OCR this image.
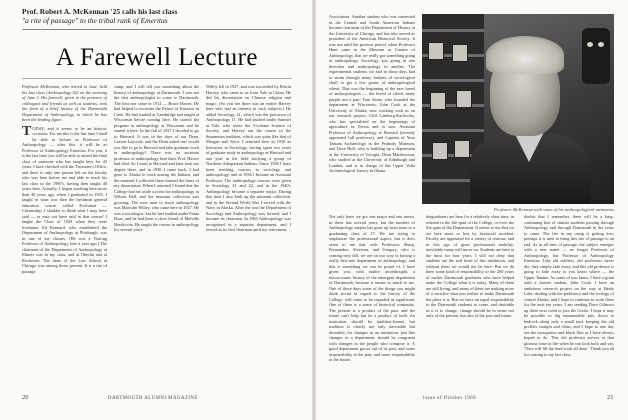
Prof. Robert A. McKennan '25 calls his last class
"a rite of passage" to the tribal rank of Emeritus
A Farewell Lecture

Professor McKennan, who retired in June, held his last class (Anthropology 62) on the morning of June 3. His farewell, given in the presence of colleagues and friends as well as students, took the form of a brief history of the Dartmouth Department of Anthropology, in which he has been the leading figure.

TODAY, and it seems to be an historic occasion. For me this is the last time I shall be able to lecture as Professor of Anthropology — after this, it will be as Professor of Anthropology Emeritus. For you, it is the last time you will be able to attend the final class of someone who has taught here for 43 years. I have checked with the Treasurer's Office, and there is only one person left on the faculty who was here before me and able to teach his last class in the 1990's, having then taught 40 years here. Actually, I began teaching here more than 40 years ago, when I graduated in 1925. I taught in what was then the freshman general education course called Evolution — Citizenship. I shudder to think what I may have said — or may not have said in that course! I taught the Class of 1929 when they were freshmen. Ed Kennard, who established the Department of Anthropology at Pittsburgh, was in one of my classes. (He was a Visiting Professor of Anthropology here a year ago.) The chairman of the Department of Anthropology at Illinois was in my class, and at Oberlin and at Rochester. The dean of the Law School at Chicago was among those present. It is a rite of passage.

camp, and I will tell you something about the history of anthropology at Dartmouth. I was not the first anthropologist to come to Dartmouth. The first one came in 1914 — Bruce Hawes. He had helped to excavate the Palace of Knossos in Crete. He had studied at Cambridge and taught at Wisconsin before coming here. He started the program in anthropology at Wisconsin and he started it here. In the fall of 1927 I decided to go to Harvard. It was in the days of our Dean, Craven Laycock, and the Dean asked me: would you like to go to Harvard and take graduate work in anthropology? There was no assistant professor of anthropology here then. Prof. Hawes had died. So I went to Harvard and later took my degree there, and in 1930 I came back. I had gone to Alaska to work among the Indians, and the material I collected there formed the basis of my dissertation. When I returned I found that the College had set aside a room for anthropology in Wilson Hall, and the museum collection was growing. The next man to teach anthropology was Malcolm Willey, who came here in 1927. He was a sociologist, but he had studied under Franz Boas, and he had been a close friend of Melville Herskovits. He taught the course in anthropology for several years.

Willey left in 1927, and was succeeded by Edwin Harvey, who came to us from Yale in China. He did his dissertation on Chinese religion and magic. (So you see there was an earlier Harvey here who had an interest in such subjects.) He added Sociology 21, which was the precursor of Anthropology 11. He had studied under Sumner at Yale, who wrote the 3-volume Science of Society, and Harvey ran the course in the Sumnerian tradition, which was quite like that of Morgan and Tylor. I returned here in 1930 as Instructor in Sociology, having spent two years of graduate study in anthropology at Harvard and one year in the field studying a group of Northern Athapaskan Indians. Since 1930 I have been teaching courses in sociology and anthropology, and in 1936 I became an Assistant Professor. The anthropology courses were given in Sociology 21 and 22, and in the 1940's Anthropology became a separate major. During this time I also built up the museum collection, and in the Second World War I served with the Navy in Alaska. After the war the Department of Sociology and Anthropology was formed, and I became its chairman. In 1963 Anthropology was recognized as a separate department, and I served as its first chairman until my retirement.

20	DARTMOUTH ALUMNI MAGAZINE

Association. Another student who was interested in the Central and South American Indians became chairman of the Department of History at the University of Chicago, and has also served as president of the American Historical Society. It was not until the postwar period, when Professor Hunt came to the Museum as Curator of Anthropology, that we really got something going in anthropology. Sociology was going in one direction and anthropology in another. The experimental students we had in those days had to strain through many baskets of sociological chaff to get a few grains of anthropological wheat. That was the beginning of the new breed of anthropologists — the breed of which many people are a part: Tom Stone, who founded the department at Wisconsin; John Cook at the University of Alaska, now working with us on our research project; Cliff Lamberg-Karlovsky, who has specialized on the beginnings of agriculture in Persia and is now Assistant Professor of Anthropology at Harvard (recently appointed full professor), and Captain of Your Tantam Archaeology in the Peabody Museum; and Dave Hull, who is building up a department at the University of Georgia; Dean Matthewson, who studied at the University of Edinburgh and London, and is in charge of the Upper Volta Archaeological Survey in Ghana.

Professor McKennan with some of his anthropological mementos.

Not only have we got one major and one minor, in these last several years, but the number of Anthropology majors has gone up from none to a graduating class of 27. We are trying to emphasize the professional aspect, but it does seem to me that with Professors Sharp, Fermandez, Alverson, and Gregory, who is coming next fall, we are on our way to having a really first-rate department of anthropology, and this is something we can be proud of. I have given you, with malice aforethought, a microcosmic history of the emergent department of Dartmouth, because it means so much to me. One of these days some of the things you might think trivial in regard to the history of the College, will come to be regarded as significant. One of these is a sense of historical continuity. The present is a product of the past, and the future can't help but be a product of both. An institution should be tradition-bound, but tradition is clearly not only inevitable but desirable; for changes in an institution, just like changes in a department, should be congruent with changes in the people who compose it. A good department grows out of its past, and some responsibility to the past, and some responsibility to the future.

dergraduates are here for a relatively short time, in relation to the life span of the College, or even the life span of the Department. It seems to me that we are here more or less by historical accident. Faculty are appointed for a variety of reasons, and in this age of great professional mobility, inevitably many will move on. Students are here at the most for four years. I will not deny that students are the real heart of this institution, and without them we would not be here. But we do have some kind of responsibility to the 200 years of earlier Dartmouth graduates who have helped make the College what it is today. Many of them are still living, and many of them are making more of a sacrifice than you realize to make Dartmouth the place it is. But we have an equal responsibility to the Dartmouth students to come, and desirable as it is to change, change should be in terms not only of the present, but also of the past and future.

doubts that I remember, there will be a long-continuing line of similar students passing through Anthropology and through Dartmouth in the years to come. The fire in my camp is getting low; perhaps it is time to bring this rite of passage to an end. As in all rites of passage, the subject emerges with a new name — no longer Professor of Anthropology, but Professor of Anthropology Emeritus. Like old soldiers, old professors never die, they simply fade away, and this old professor is going to fade away to you know where — the Upper Tanana. As some of you know, I have a grant with a former student, John Cook. I have an ambitious research project on the way at Healy Lake, dealing with the prehistory and the ecology of central Alaska, and I hope to continue to work there for the next ten years. I am sending Dave Gilmour up there next week to join the Cooks. I hope it may be possible to dig innumerable pits, down to bedrock along only a small trail, keeping the old profiles straight and clean, and I hope to one day see the mosquitoes and black flies as I have always hoped to do. This old professor arrives at that glorious time in life when he can look back and say, 'They will fill the hard work all done.' Thank you all for coming to my last class.

Issue of October 1969	21
